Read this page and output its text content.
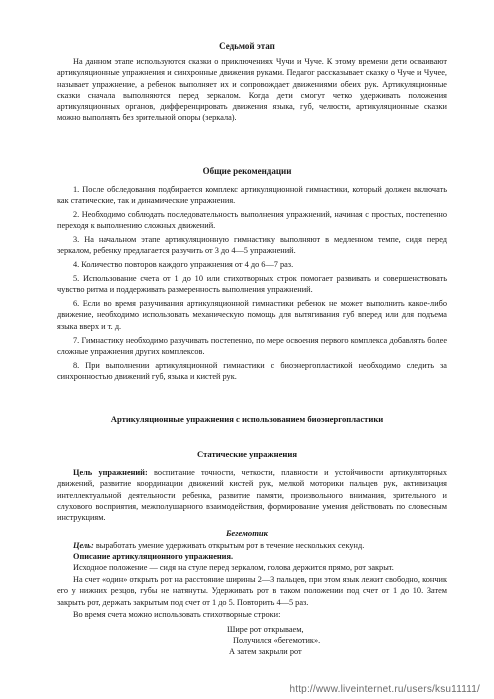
Седьмой этап

На данном этапе используются сказки о приключениях Чучи и Чуче. К этому времени дети осваивают артикуляционные упражнения и синхронные движения руками. Педагог рассказывает сказку о Чуче и Чучее, называет упражнение, а ребенок выполняет их и сопровождает движениями обеих рук. Артикуляционные сказки сначала выполняются перед зеркалом. Когда дети смогут четко удерживать положения артикуляционных органов, дифференцировать движения языка, губ, челюсти, артикуляционные сказки можно выполнять без зрительной опоры (зеркала).

Общие рекомендации

1. После обследования подбирается комплекс артикуляционной гимнастики, который должен включать как статические, так и динамические упражнения.

2. Необходимо соблюдать последовательность выполнения упражнений, начиная с простых, постепенно переходя к выполнению сложных движений.

3. На начальном этапе артикуляционную гимнастику выполняют в медленном темпе, сидя перед зеркалом, ребенку предлагается разучить от 3 до 4—5 упражнений.

4. Количество повторов каждого упражнения от 4 до 6—7 раз.

5. Использование счета от 1 до 10 или стихотворных строк помогает развивать и совершенствовать чувство ритма и поддерживать размеренность выполнения упражнений.

6. Если во время разучивания артикуляционной гимнастики ребенок не может выполнить какое-либо движение, необходимо использовать механическую помощь для вытягивания губ вперед или для подъема языка вверх и т. д.

7. Гимнастику необходимо разучивать постепенно, по мере освоения первого комплекса добавлять более сложные упражнения других комплексов.

8. При выполнении артикуляционной гимнастики с биоэнергопластикой необходимо следить за синхронностью движений губ, языка и кистей рук.

Артикуляционные упражнения с использованием биоэнергопластики
Статические упражнения

Цель упражнений: воспитание точности, четкости, плавности и устойчивости артикуляторных движений, развитие координации движений кистей рук, мелкой моторики пальцев рук, активизация интеллектуальной деятельности ребенка, развитие памяти, произвольного внимания, зрительного и слухового восприятия, межполушарного взаимодействия, формирование умения действовать по словесным инструкциям.

Бегемотик

Цель: выработать умение удерживать открытым рот в течение нескольких секунд.

Описание артикуляционного упражнения.

Исходное положение — сидя на стуле перед зеркалом, голова держится прямо, рот закрыт.

На счет «один» открыть рот на расстояние ширины 2—3 пальцев, при этом язык лежит свободно, кончик его у нижних резцов, губы не натянуты. Удерживать рот в таком положении под счет от 1 до 10. Затем закрыть рот, держать закрытым под счет от 1 до 5. Повторить 4—5 раз.

Во время счета можно использовать стихотворные строки:

Шире рот открываем,
Получился «бегемотик».
А затем закрыли рот
http://www.liveinternet.ru/users/ksu11111/
